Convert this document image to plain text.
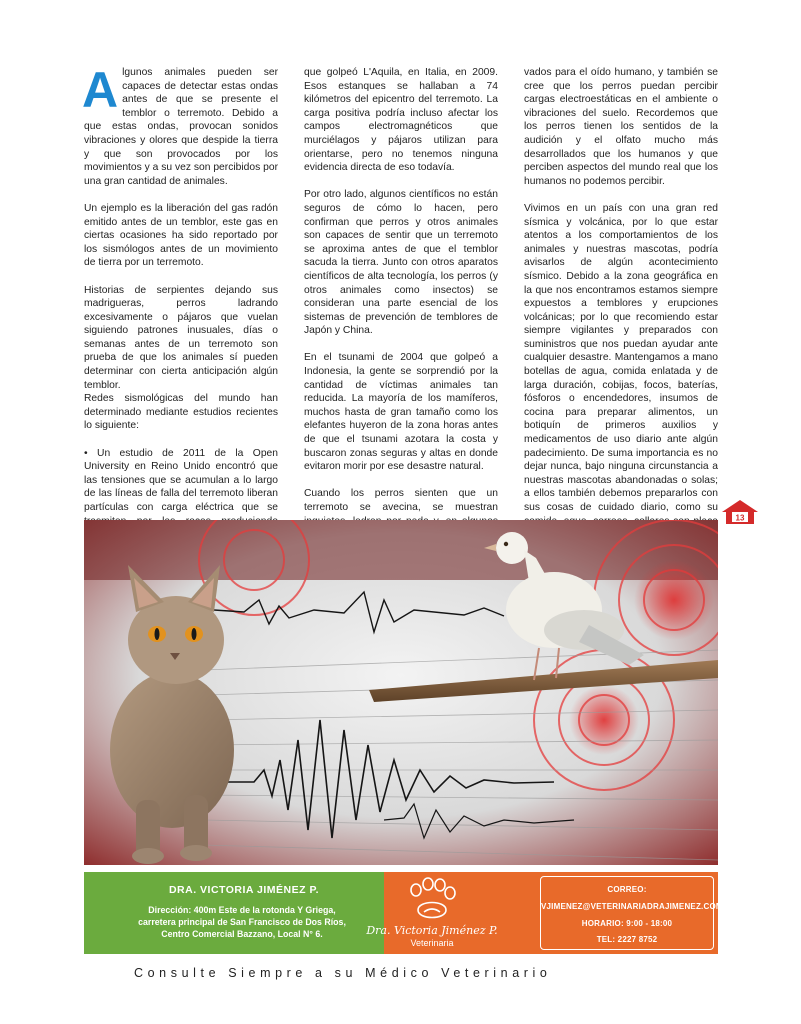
Algunos animales pueden ser capaces de detectar estas ondas antes de que se presente el temblor o terremoto. Debido a que estas ondas, provocan sonidos vibraciones y olores que despide la tierra y que son provocados por los movimientos y a su vez son percibidos por una gran cantidad de animales.

Un ejemplo es la liberación del gas radón emitido antes de un temblor, este gas en ciertas ocasiones ha sido reportado por los sismólogos antes de un movimiento de tierra por un terremoto.

Historias de serpientes dejando sus madrigueras, perros ladrando excesivamente o pájaros que vuelan siguiendo patrones inusuales, días o semanas antes de un terremoto son prueba de que los animales sí pueden determinar con cierta anticipación algún temblor.

Redes sismológicas del mundo han determinado mediante estudios recientes lo siguiente:

• Un estudio de 2011 de la Open University en Reino Unido encontró que las tensiones que se acumulan a lo largo de las líneas de falla del terremoto liberan partículas con carga eléctrica que se

que golpeó L'Aquila, en Italia, en 2009. Esos estanques se hallaban a 74 kilómetros del epicentro del terremoto. La carga positiva podría incluso afectar los campos electromagnéticos que murciélagos y pájaros utilizan para orientarse, pero no tenemos ninguna evidencia directa de eso todavía.

Por otro lado, algunos científicos no están seguros de cómo lo hacen, pero confirman que perros y otros animales son capaces de sentir que un terremoto se aproxima antes de que el temblor sacuda la tierra. Junto con otros aparatos científicos de alta tecnología, los perros (y otros animales como insectos) se consideran una parte esencial de los sistemas de prevención de temblores de Japón y China.

En el tsunami de 2004 que golpeó a Indonesia, la gente se sorprendió por la cantidad de víctimas animales tan reducida. La mayoría de los mamíferos, muchos hasta de gran tamaño como los elefantes huyeron de la zona horas antes de que el tsunami azotara la costa y buscaron zonas seguras y altas en donde evitaron morir por ese desastre natural.

Cuando los perros sienten que un terremoto se avecina, se muestran

vados para el oído humano, y también se cree que los perros puedan percibir cargas electroestáticas en el ambiente o vibraciones del suelo. Recordemos que los perros tienen los sentidos de la audición y el olfato mucho más desarrollados que los humanos y que perciben aspectos del mundo real que los humanos no podemos percibir.

Vivimos en un país con una gran red sísmica y volcánica, por lo que estar atentos a los comportamientos de los animales y nuestras mascotas, podría avisarlos de algún acontecimiento sísmico. Debido a la zona geográfica en la que nos encontramos estamos siempre expuestos a temblores y erupciones volcánicas; por lo que recomiendo estar siempre vigilantes y preparados con suministros que nos puedan ayudar ante cualquier desastre. Mantengamos a mano botellas de agua, comida enlatada y de larga duración, cobijas, focos, baterías, fósforos o encendedores, insumos de cocina para preparar alimentos, un botiquín de primeros auxilios y medicamentos de uso diario ante algún padecimiento. De suma importancia es no dejar nunca, bajo ninguna circunstancia a nuestras mascotas abandonadas o solas; a ellos también debemos prepararlos con sus cosas de cuidado diario, como su

13
DRA. VICTORIA JIMÉNEZ P.
Dirección: 400m Este de la rotonda Y Griega,
carretera principal de San Francisco de Dos Ríos,
Centro Comercial Bazzano, Local N° 6.	Dra. Victoria Jiménez P.
Veterinaria
CORREO:
VJIMENEZ@VETERINARIADRAJIMENEZ.COM
HORARIO: 9:00 - 18:00
TEL: 2227 8752
Consulte Siempre a su Médico Veterinario
